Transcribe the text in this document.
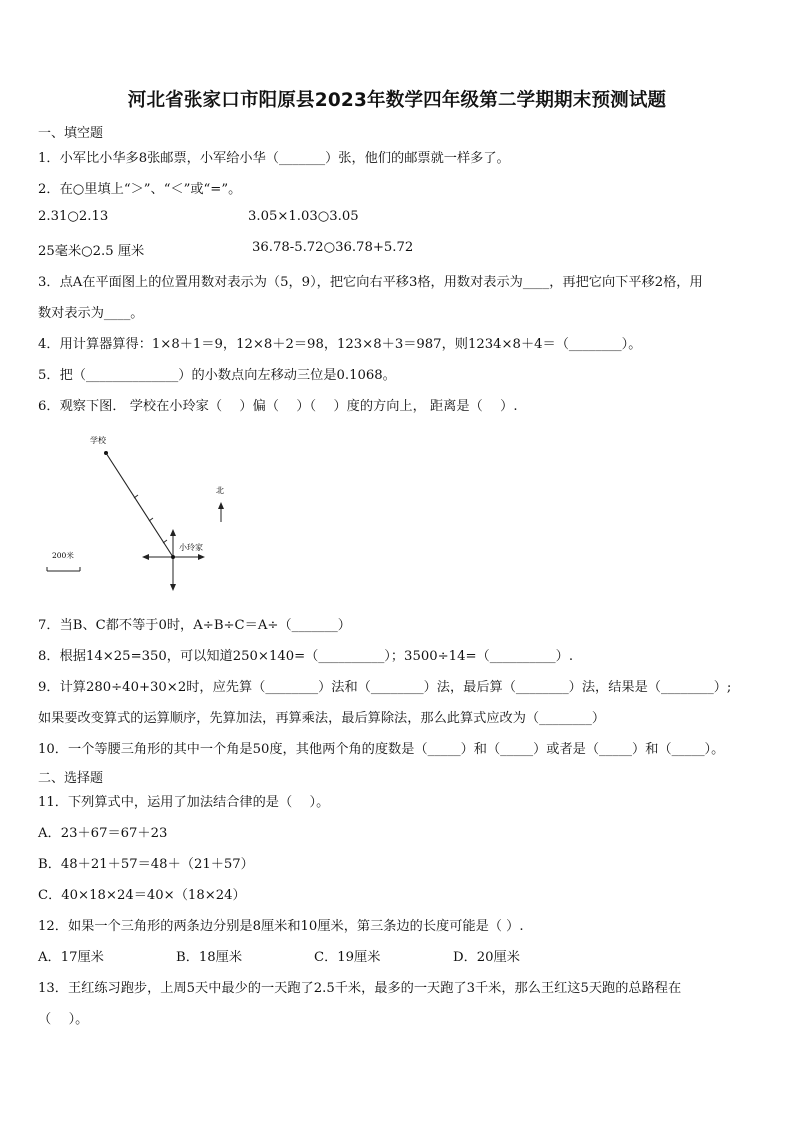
河北省张家口市阳原县2023年数学四年级第二学期期末预测试题
一、填空题
1．小军比小华多8张邮票，小军给小华（_______）张，他们的邮票就一样多了。
2．在○里填上“＞”、“＜”或“=”。
2.31○2.13	3.05×1.03○3.05
25毫米○2.5 厘米	36.78-5.72○36.78+5.72
3．点A在平面图上的位置用数对表示为（5，9），把它向右平移3格，用数对表示为____，再把它向下平移2格，用
数对表示为____。
4．用计算器算得：1×8＋1＝9，12×8＋2＝98，123×8＋3＝987，则1234×8＋4＝（________）。
5．把（______________）的小数点向左移动三位是0.1068。
6．观察下图． 学校在小玲家（　 ）偏（　 ）（　 ）度的方向上， 距离是（　 ）.
学校
小玲家
北
200米
7．当B、C都不等于0时，A÷B÷C＝A÷（_______）
8．根据14×25=350，可以知道250×140=（__________）；3500÷14=（__________）.
9．计算280÷40+30×2时，应先算（________）法和（________）法，最后算（________）法，结果是（________）;
如果要改变算式的运算顺序，先算加法，再算乘法，最后算除法，那么此算式应改为（________）
10．一个等腰三角形的其中一个角是50度，其他两个角的度数是（_____）和（_____）或者是（_____）和（_____）。
二、选择题
11．下列算式中，运用了加法结合律的是（　 ）。
A．23＋67＝67＋23
B．48＋21＋57＝48＋（21＋57）
C．40×18×24＝40×（18×24）
12．如果一个三角形的两条边分别是8厘米和10厘米，第三条边的长度可能是（ ）.
A．17厘米	B．18厘米	C．19厘米	D．20厘米
13．王红练习跑步，上周5天中最少的一天跑了2.5千米，最多的一天跑了3千米，那么王红这5天跑的总路程在
（　 ）。
